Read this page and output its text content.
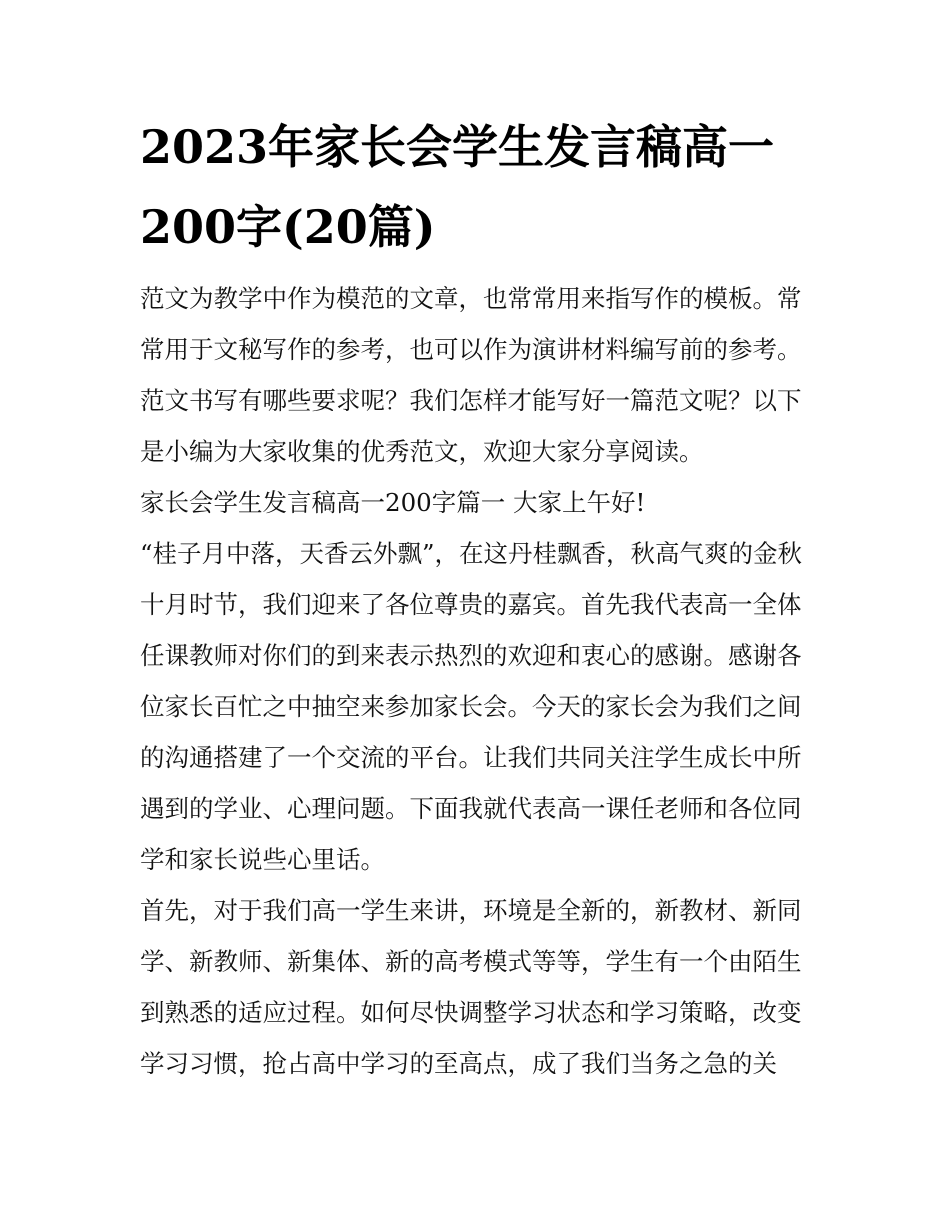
2023年家长会学生发言稿高一
200字(20篇)

范文为教学中作为模范的文章，也常常用来指写作的模板。常

常用于文秘写作的参考，也可以作为演讲材料编写前的参考。

范文书写有哪些要求呢？我们怎样才能写好一篇范文呢？以下

是小编为大家收集的优秀范文，欢迎大家分享阅读。

家长会学生发言稿高一200字篇一 大家上午好!

“桂子月中落，天香云外飘”，在这丹桂飘香，秋高气爽的金秋

十月时节，我们迎来了各位尊贵的嘉宾。首先我代表高一全体

任课教师对你们的到来表示热烈的欢迎和衷心的感谢。感谢各

位家长百忙之中抽空来参加家长会。今天的家长会为我们之间

的沟通搭建了一个交流的平台。让我们共同关注学生成长中所

遇到的学业、心理问题。下面我就代表高一课任老师和各位同

学和家长说些心里话。

首先，对于我们高一学生来讲，环境是全新的，新教材、新同

学、新教师、新集体、新的高考模式等等，学生有一个由陌生

到熟悉的适应过程。如何尽快调整学习状态和学习策略，改变

学习习惯，抢占高中学习的至高点，成了我们当务之急的关
